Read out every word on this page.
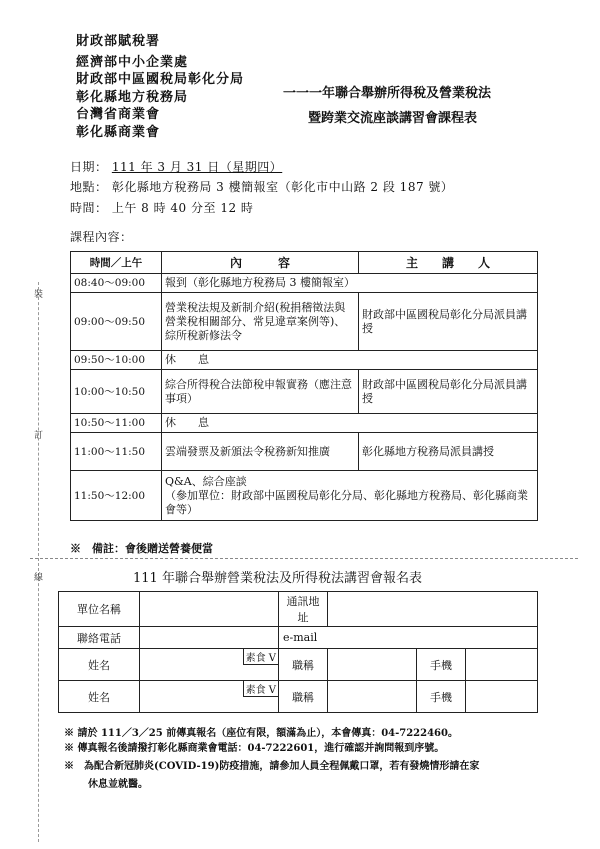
財政部賦稅署
經濟部中小企業處
財政部中區國稅局彰化分局
彰化縣地方稅務局
台灣省商業會
彰化縣商業會
一一一年聯合舉辦所得稅及營業稅法
暨跨業交流座談講習會課程表
日期： 111 年 3 月 31 日（星期四）
地點： 彰化縣地方稅務局 3 樓簡報室（彰化市中山路 2 段 187 號）
時間： 上午 8 時 40 分至 12 時
課程內容：
裝
訂
線
時間／上午	內　　　容	主　　講　　人
08:40～09:00	報到（彰化縣地方稅務局 3 樓簡報室）	
09:00～09:50	營業稅法規及新制介紹(稅捐稽徵法與營業稅相關部分、常見違章案例等)、綜所稅新修法令	財政部中區國稅局彰化分局派員講授
09:50～10:00	休　　息	
10:00～10:50	綜合所得稅合法節稅申報實務（應注意事項）	財政部中區國稅局彰化分局派員講授
10:50～11:00	休　　息	
11:00～11:50	雲端發票及新頒法令稅務新知推廣	彰化縣地方稅務局派員講授
11:50～12:00	Q&A、綜合座談
（參加單位：財政部中區國稅局彰化分局、彰化縣地方稅務局、彰化縣商業會等）	
※　備註：會後贈送營養便當
111 年聯合舉辦營業稅法及所得稅法講習會報名表
單位名稱		通訊地址			
聯絡電話		e-mail			
姓名	素食 V	職稱		手機	
姓名	素食 V	職稱		手機	
※ 請於 111／3／25 前傳真報名（座位有限，額滿為止），本會傳真：04-7222460。
※ 傳真報名後請撥打彰化縣商業會電話：04-7222601，進行確認并詢問報到序號。
※　為配合新冠肺炎(COVID-19)防疫措施，請參加人員全程佩戴口罩，若有發燒情形請在家
休息並就醫。
